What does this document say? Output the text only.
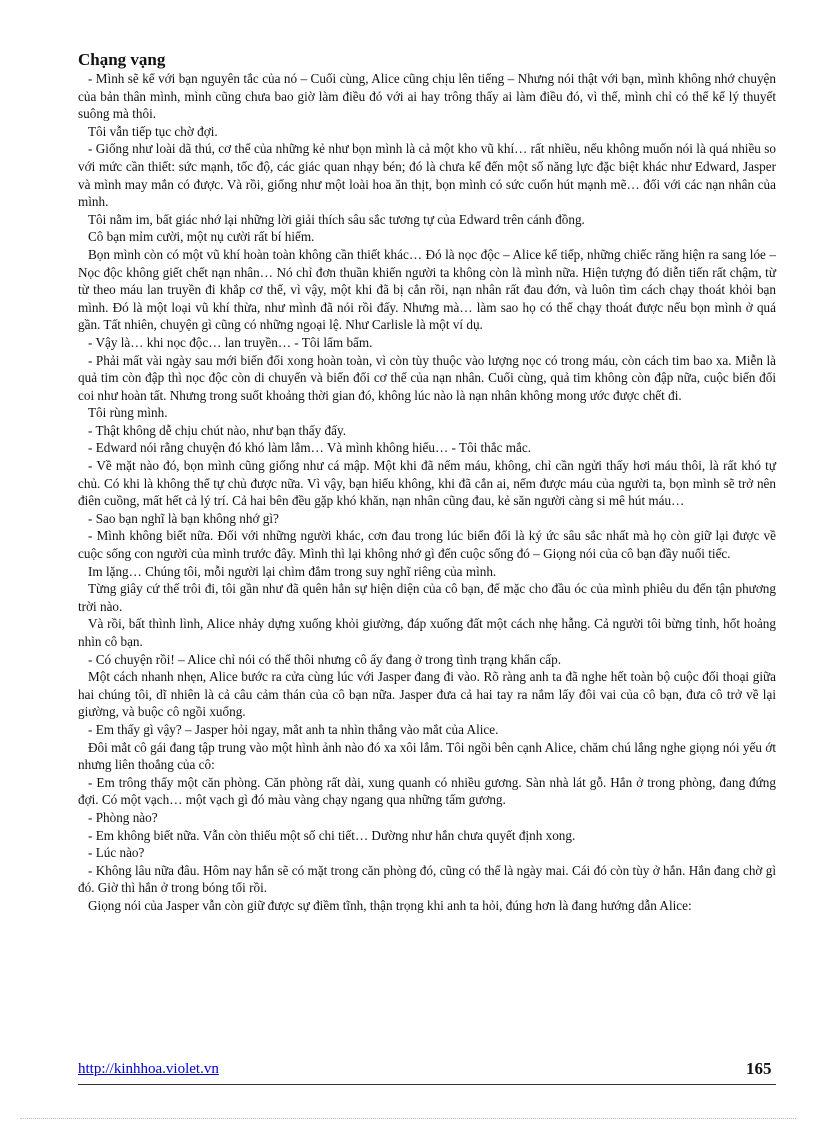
Chạng vạng

- Mình sẽ kể với bạn nguyên tắc của nó – Cuối cùng, Alice cũng chịu lên tiếng – Nhưng nói thật với bạn, mình không nhớ chuyện của bản thân mình, mình cũng chưa bao giờ làm điều đó với ai hay trông thấy ai làm điều đó, vì thế, mình chỉ có thể kể lý thuyết suông mà thôi.

Tôi vẫn tiếp tục chờ đợi.

- Giống như loài dã thú, cơ thể của những kẻ như bọn mình là cả một kho vũ khí… rất nhiều, nếu không muốn nói là quá nhiều so với mức cần thiết: sức mạnh, tốc độ, các giác quan nhạy bén; đó là chưa kể đến một số năng lực đặc biệt khác như Edward, Jasper và mình may mắn có được. Và rồi, giống như một loài hoa ăn thịt, bọn mình có sức cuốn hút mạnh mẽ… đối với các nạn nhân của mình.

Tôi nằm im, bất giác nhớ lại những lời giải thích sâu sắc tương tự của Edward trên cánh đồng.

Cô bạn mỉm cười, một nụ cười rất bí hiểm.

Bọn mình còn có một vũ khí hoàn toàn không cần thiết khác… Đó là nọc độc – Alice kể tiếp, những chiếc răng hiện ra sang lóe – Nọc độc không giết chết nạn nhân… Nó chỉ đơn thuần khiến người ta không còn là mình nữa. Hiện tượng đó diễn tiến rất chậm, từ từ theo máu lan truyền đi khắp cơ thể, vì vậy, một khi đã bị cắn rồi, nạn nhân rất đau đớn, và luôn tìm cách chạy thoát khỏi bạn mình. Đó là một loại vũ khí thừa, như mình đã nói rồi đấy. Nhưng mà… làm sao họ có thể chạy thoát được nếu bọn mình ở quá gần. Tất nhiên, chuyện gì cũng có những ngoại lệ. Như Carlisle là một ví dụ.

- Vậy là… khi nọc độc… lan truyền… - Tôi lẩm bẩm.

- Phải mất vài ngày sau mới biến đổi xong hoàn toàn, vì còn tùy thuộc vào lượng nọc có trong máu, còn cách tim bao xa. Miễn là quả tim còn đập thì nọc độc còn di chuyển và biến đổi cơ thể của nạn nhân. Cuối cùng, quả tim không còn đập nữa, cuộc biến đổi coi như hoàn tất. Nhưng trong suốt khoảng thời gian đó, không lúc nào là nạn nhân không mong ước được chết đi.

Tôi rùng mình.

- Thật không dễ chịu chút nào, như bạn thấy đấy.

- Edward nói rằng chuyện đó khó làm lắm… Và mình không hiểu… - Tôi thắc mắc.

- Về mặt nào đó, bọn mình cũng giống như cá mập. Một khi đã nếm máu, không, chỉ cần ngửi thấy hơi máu thôi, là rất khó tự chủ. Có khi là không thể tự chủ được nữa. Vì vậy, bạn hiểu không, khi đã cắn ai, nếm được máu của người ta, bọn mình sẽ trở nên điên cuồng, mất hết cả lý trí. Cả hai bên đều gặp khó khăn, nạn nhân cũng đau, kẻ săn người càng si mê hút máu…

- Sao bạn nghĩ là bạn không nhớ gì?

- Mình không biết nữa. Đối với những người khác, cơn đau trong lúc biến đổi là ký ức sâu sắc nhất mà họ còn giữ lại được về cuộc sống con người của mình trước đây. Mình thì lại không nhớ gì đến cuộc sống đó – Giọng nói của cô bạn đầy nuối tiếc.

Im lặng… Chúng tôi, mỗi người lại chìm đắm trong suy nghĩ riêng của mình.

Từng giây cứ thế trôi đi, tôi gần như đã quên hẳn sự hiện diện của cô bạn, để mặc cho đầu óc của mình phiêu du đến tận phương trời nào.

Và rồi, bất thình lình, Alice nhảy dựng xuống khỏi giường, đáp xuống đất một cách nhẹ hẫng. Cả người tôi bừng tỉnh, hốt hoảng nhìn cô bạn.

- Có chuyện rồi! – Alice chỉ nói có thế thôi nhưng cô ấy đang ở trong tình trạng khẩn cấp.

Một cách nhanh nhẹn, Alice bước ra cửa cùng lúc với Jasper đang đi vào. Rõ ràng anh ta đã nghe hết toàn bộ cuộc đối thoại giữa hai chúng tôi, dĩ nhiên là cả câu cảm thán của cô bạn nữa. Jasper đưa cả hai tay ra nắm lấy đôi vai của cô bạn, đưa cô trở về lại giường, và buộc cô ngồi xuống.

- Em thấy gì vậy? – Jasper hỏi ngay, mắt anh ta nhìn thẳng vào mắt của Alice.

Đôi mắt cô gái đang tập trung vào một hình ảnh nào đó xa xôi lắm. Tôi ngồi bên cạnh Alice, chăm chú lắng nghe giọng nói yếu ớt nhưng liên thoắng của cô:

- Em trông thấy một căn phòng. Căn phòng rất dài, xung quanh có nhiều gương. Sàn nhà lát gỗ. Hắn ở trong phòng, đang đứng đợi. Có một vạch… một vạch gì đó màu vàng chạy ngang qua những tấm gương.

- Phòng nào?

- Em không biết nữa. Vẫn còn thiếu một số chi tiết… Dường như hắn chưa quyết định xong.

- Lúc nào?

- Không lâu nữa đâu. Hôm nay hắn sẽ có mặt trong căn phòng đó, cũng có thể là ngày mai. Cái đó còn tùy ở hắn. Hắn đang chờ gì đó. Giờ thì hắn ở trong bóng tối rồi.

Giọng nói của Jasper vẫn còn giữ được sự điềm tĩnh, thận trọng khi anh ta hỏi, đúng hơn là đang hướng dẫn Alice:

http://kinhhoa.violet.vn	165
